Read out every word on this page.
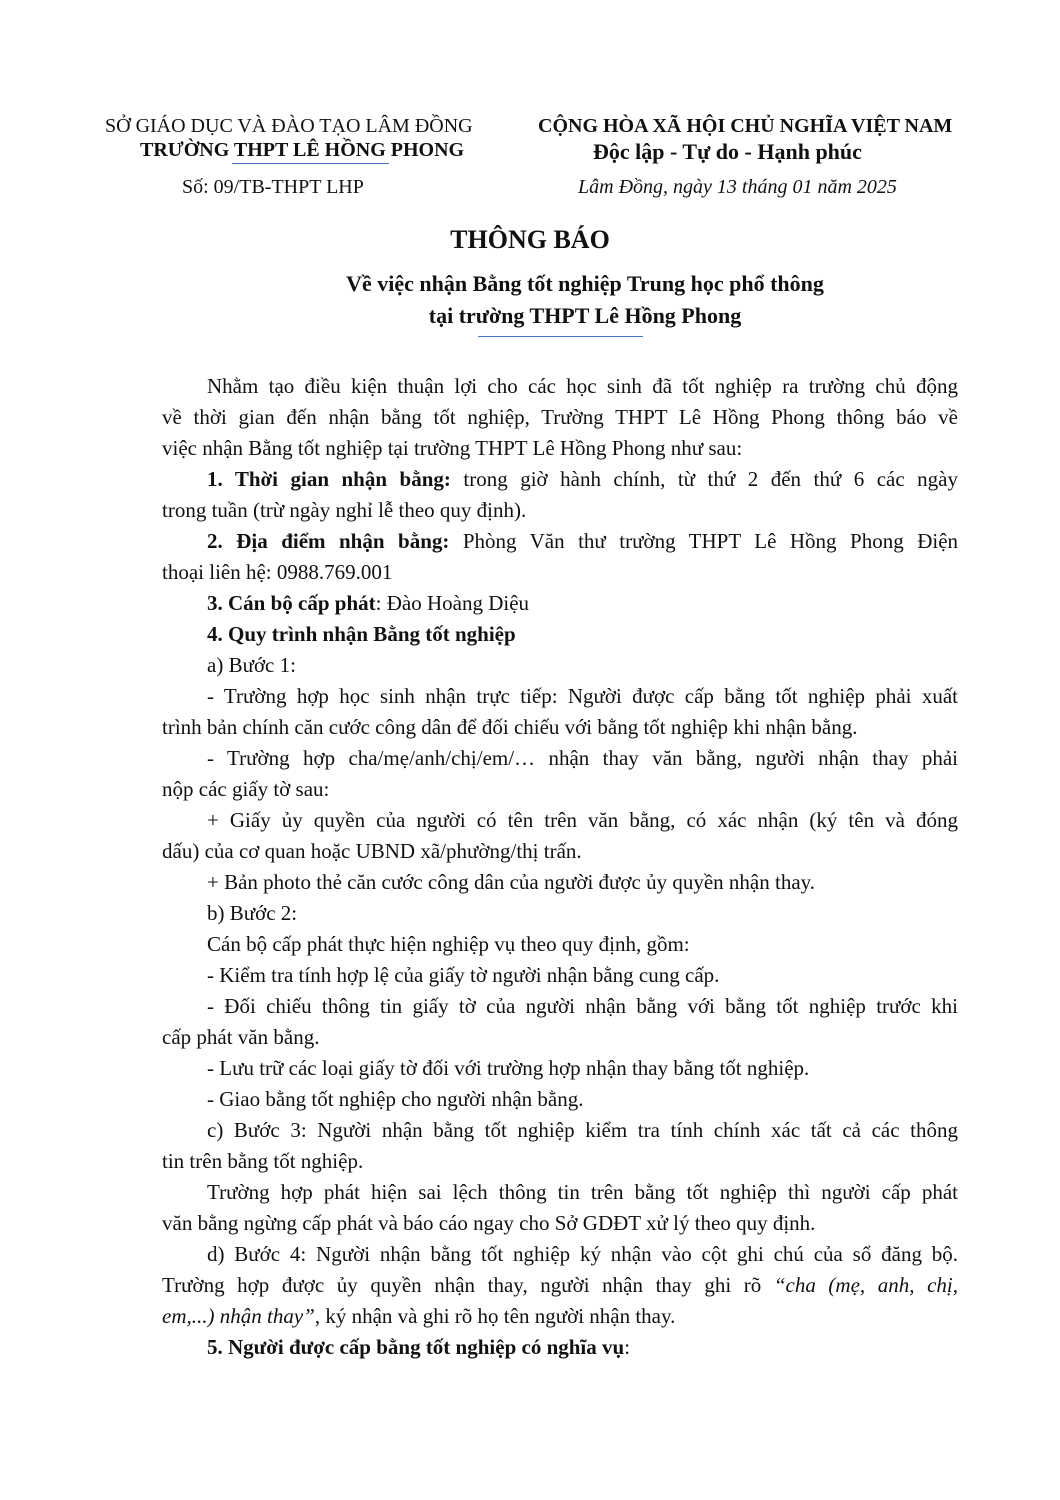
SỞ GIÁO DỤC VÀ ĐÀO TẠO LÂM ĐỒNG
TRƯỜNG THPT LÊ HỒNG PHONG
Số: 09/TB-THPT LHP
CỘNG HÒA XÃ HỘI CHỦ NGHĨA VIỆT NAM
Độc lập - Tự do - Hạnh phúc
Lâm Đồng, ngày 13 tháng 01 năm 2025
THÔNG BÁO
Về việc nhận Bằng tốt nghiệp Trung học phổ thông
tại trường THPT Lê Hồng Phong
Nhằm tạo điều kiện thuận lợi cho các học sinh đã tốt nghiệp ra trường chủ động
về thời gian đến nhận bằng tốt nghiệp, Trường THPT Lê Hồng Phong thông báo về
việc nhận Bằng tốt nghiệp tại trường THPT Lê Hồng Phong như sau:
1. Thời gian nhận bằng: trong giờ hành chính, từ thứ 2 đến thứ 6 các ngày
trong tuần (trừ ngày nghỉ lễ theo quy định).
2. Địa điểm nhận bằng: Phòng Văn thư trường THPT Lê Hồng Phong Điện
thoại liên hệ: 0988.769.001
3. Cán bộ cấp phát: Đào Hoàng Diệu
4. Quy trình nhận Bằng tốt nghiệp
a) Bước 1:
- Trường hợp học sinh nhận trực tiếp: Người được cấp bằng tốt nghiệp phải xuất
trình bản chính căn cước công dân để đối chiếu với bằng tốt nghiệp khi nhận bằng.
- Trường hợp cha/mẹ/anh/chị/em/… nhận thay văn bằng, người nhận thay phải
nộp các giấy tờ sau:
+ Giấy ủy quyền của người có tên trên văn bằng, có xác nhận (ký tên và đóng
dấu) của cơ quan hoặc UBND xã/phường/thị trấn.
+ Bản photo thẻ căn cước công dân của người được ủy quyền nhận thay.
b) Bước 2:
Cán bộ cấp phát thực hiện nghiệp vụ theo quy định, gồm:
- Kiểm tra tính hợp lệ của giấy tờ người nhận bằng cung cấp.
- Đối chiếu thông tin giấy tờ của người nhận bằng với bằng tốt nghiệp trước khi
cấp phát văn bằng.
- Lưu trữ các loại giấy tờ đối với trường hợp nhận thay bằng tốt nghiệp.
- Giao bằng tốt nghiệp cho người nhận bằng.
c) Bước 3: Người nhận bằng tốt nghiệp kiểm tra tính chính xác tất cả các thông
tin trên bằng tốt nghiệp.
Trường hợp phát hiện sai lệch thông tin trên bằng tốt nghiệp thì người cấp phát
văn bằng ngừng cấp phát và báo cáo ngay cho Sở GDĐT xử lý theo quy định.
d) Bước 4: Người nhận bằng tốt nghiệp ký nhận vào cột ghi chú của sổ đăng bộ.
Trường hợp được ủy quyền nhận thay, người nhận thay ghi rõ “cha (mẹ, anh, chị,
em,...) nhận thay”, ký nhận và ghi rõ họ tên người nhận thay.
5. Người được cấp bằng tốt nghiệp có nghĩa vụ:
